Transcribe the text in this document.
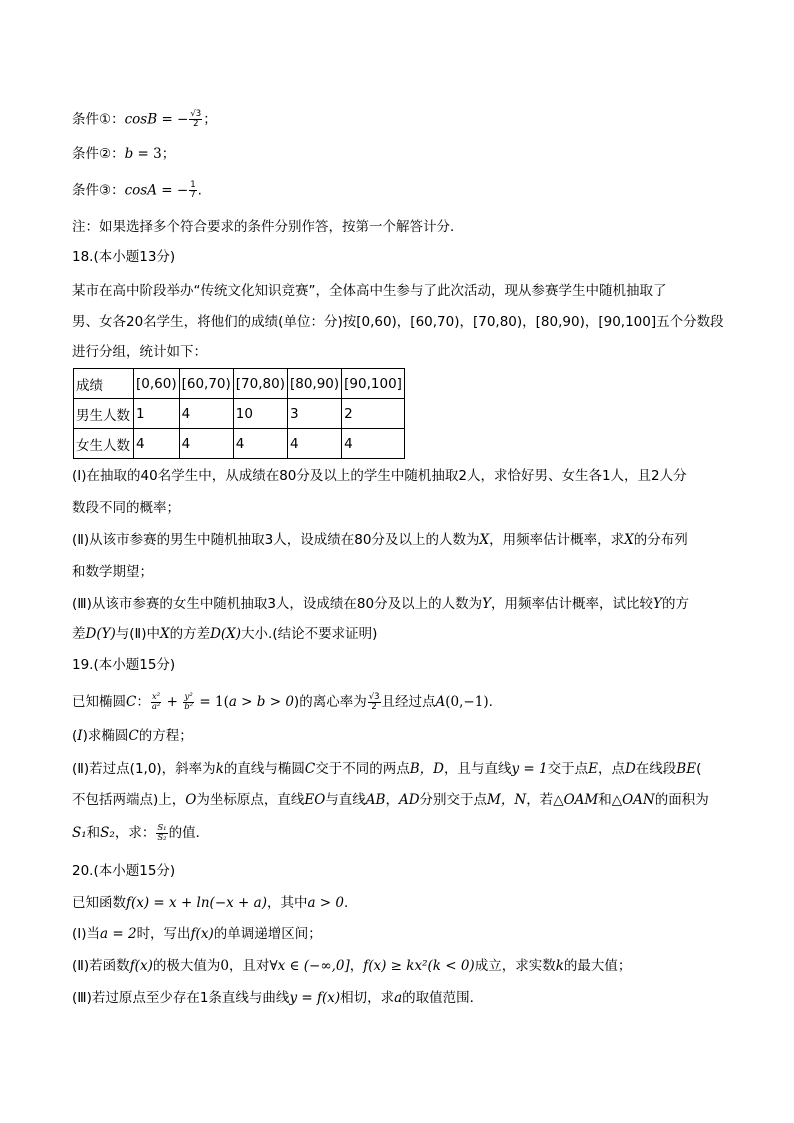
条件①：cosB = − $\frac{√3}{2}$ ；
条件②：b = 3；
条件③：cosA = − $\frac{1}{7}$ .
注：如果选择多个符合要求的条件分别作答，按第一个解答计分．
18.(本小题13分)
某市在高中阶段举办“传统文化知识竞赛”，全体高中生参与了此次活动，现从参赛学生中随机抽取了
男、女各20名学生，将他们的成绩(单位：分)按[0,60)，[60,70)，[70,80)，[80,90)，[90,100]五个分数段
进行分组，统计如下：
成绩	[0,60)	[60,70)	[70,80)	[80,90)	[90,100]
男生人数	1	4	10	3	2
女生人数	4	4	4	4	4
(Ⅰ)在抽取的40名学生中，从成绩在80分及以上的学生中随机抽取2人，求恰好男、女生各1人，且2人分
数段不同的概率；
(Ⅱ)从该市参赛的男生中随机抽取3人，设成绩在80分及以上的人数为X，用频率估计概率，求X的分布列
和数学期望；
(Ⅲ)从该市参赛的女生中随机抽取3人，设成绩在80分及以上的人数为Y，用频率估计概率，试比较Y的方
差D(Y)与(Ⅱ)中X的方差D(X)大小.(结论不要求证明)
19.(本小题15分)
已知椭圆C： $\frac{\text{x²}}{\text{a²}} + \frac{\text{y²}}{\text{b²}} = 1(a > b > 0)$的离心率为 $\frac{√3}{2}$ 且经过点A(0,−1).
(I)求椭圆C的方程；
(Ⅱ)若过点(1,0)，斜率为k的直线与椭圆C交于不同的两点B，D，且与直线y = 1交于点E，点D在线段BE(
不包括两端点)上，O为坐标原点，直线EO与直线AB，AD分别交于点M，N，若△OAM和△OAN的面积为
S₁和S₂，求： $\frac{\text{S₁}}{\text{S₂}}$ 的值．
20.(本小题15分)
已知函数f(x) = x + ln(−x + a)，其中a > 0.
(Ⅰ)当a = 2时，写出f(x)的单调递增区间；
(Ⅱ)若函数f(x)的极大值为0，且对∀x ∈ (−∞,0]，f(x) ≥ kx²(k < 0)成立，求实数k的最大值；
(Ⅲ)若过原点至少存在1条直线与曲线y = f(x)相切，求a的取值范围．
